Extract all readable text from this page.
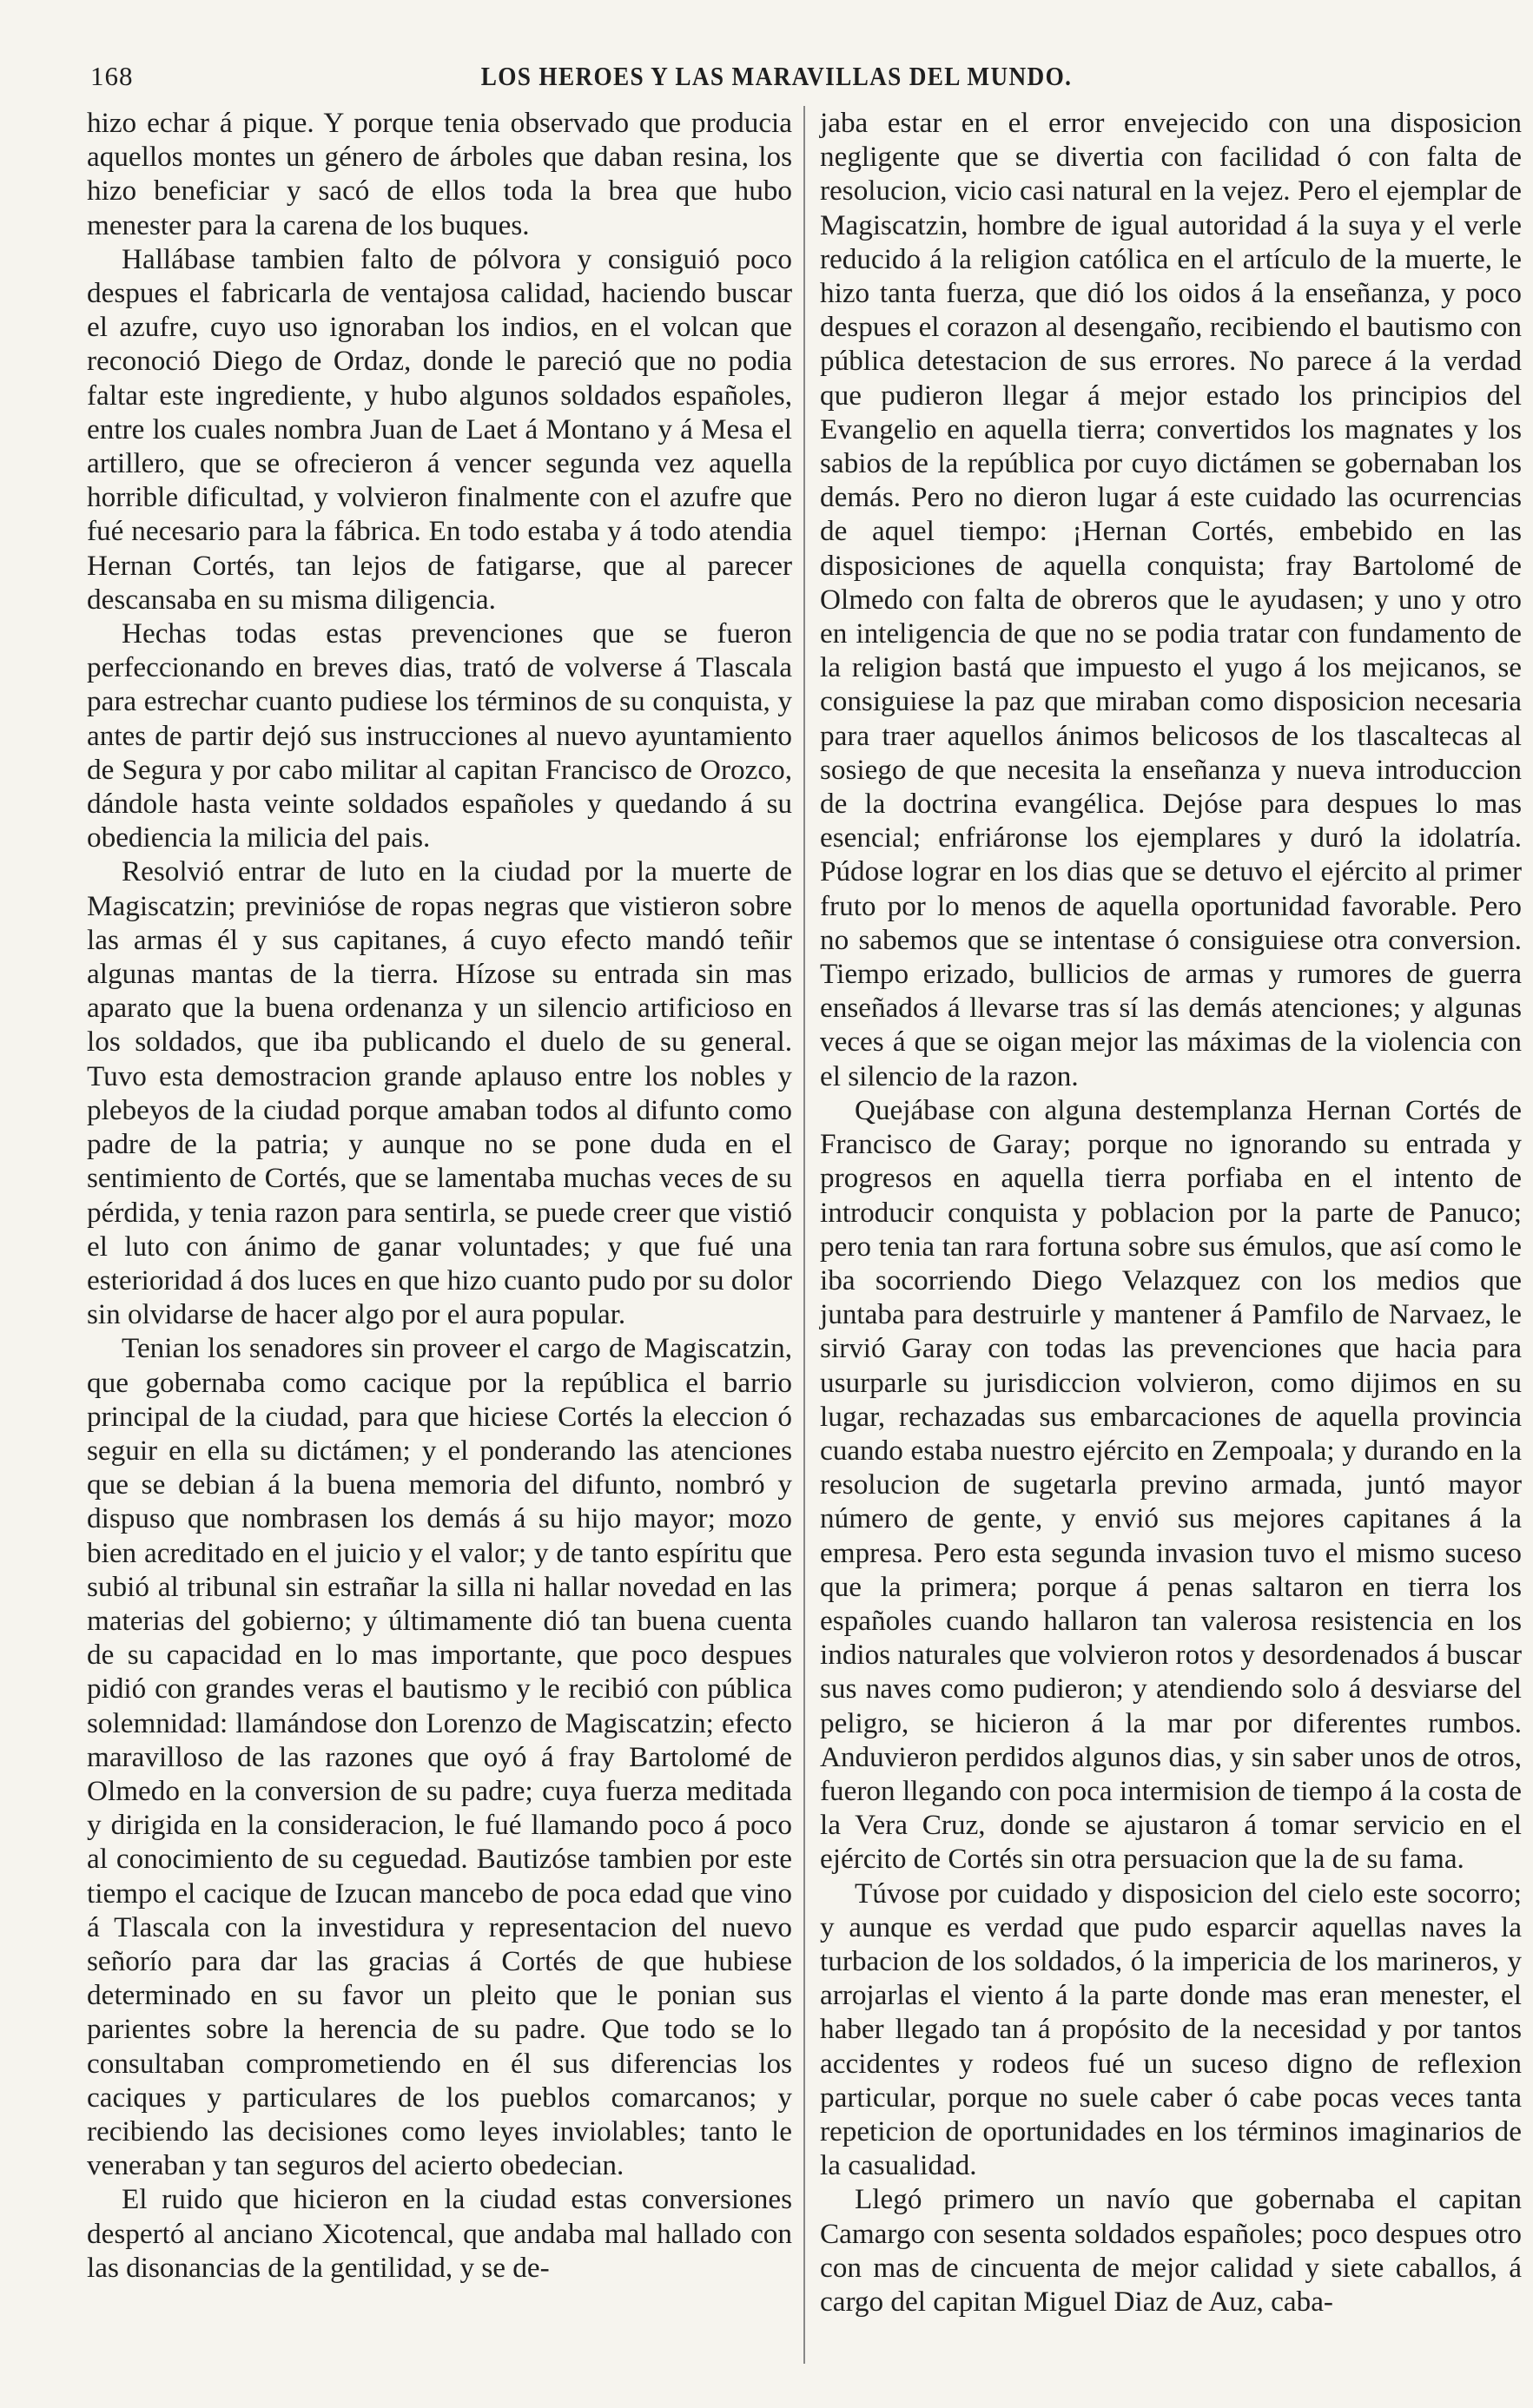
168	LOS HEROES Y LAS MARAVILLAS DEL MUNDO.

hizo echar á pique. Y porque tenia observado que producia aquellos montes un género de árboles que daban resina, los hizo beneficiar y sacó de ellos toda la brea que hubo menester para la carena de los buques.

Hallábase tambien falto de pólvora y consiguió poco despues el fabricarla de ventajosa calidad, haciendo buscar el azufre, cuyo uso ignoraban los indios, en el volcan que reconoció Diego de Ordaz, donde le pareció que no podia faltar este ingrediente, y hubo algunos soldados españoles, entre los cuales nombra Juan de Laet á Montano y á Mesa el artillero, que se ofrecieron á vencer segunda vez aquella horrible dificultad, y volvieron finalmente con el azufre que fué necesario para la fábrica. En todo estaba y á todo atendia Hernan Cortés, tan lejos de fatigarse, que al parecer descansaba en su misma diligencia.

Hechas todas estas prevenciones que se fueron perfeccionando en breves dias, trató de volverse á Tlascala para estrechar cuanto pudiese los términos de su conquista, y antes de partir dejó sus instrucciones al nuevo ayuntamiento de Segura y por cabo militar al capitan Francisco de Orozco, dándole hasta veinte soldados españoles y quedando á su obediencia la milicia del pais.

Resolvió entrar de luto en la ciudad por la muerte de Magiscatzin; previnióse de ropas negras que vistieron sobre las armas él y sus capitanes, á cuyo efecto mandó teñir algunas mantas de la tierra. Hízose su entrada sin mas aparato que la buena ordenanza y un silencio artificioso en los soldados, que iba publicando el duelo de su general. Tuvo esta demostracion grande aplauso entre los nobles y plebeyos de la ciudad porque amaban todos al difunto como padre de la patria; y aunque no se pone duda en el sentimiento de Cortés, que se lamentaba muchas veces de su pérdida, y tenia razon para sentirla, se puede creer que vistió el luto con ánimo de ganar voluntades; y que fué una esterioridad á dos luces en que hizo cuanto pudo por su dolor sin olvidarse de hacer algo por el aura popular.

Tenian los senadores sin proveer el cargo de Magiscatzin, que gobernaba como cacique por la república el barrio principal de la ciudad, para que hiciese Cortés la eleccion ó seguir en ella su dictámen; y el ponderando las atenciones que se debian á la buena memoria del difunto, nombró y dispuso que nombrasen los demás á su hijo mayor; mozo bien acreditado en el juicio y el valor; y de tanto espíritu que subió al tribunal sin estrañar la silla ni hallar novedad en las materias del gobierno; y últimamente dió tan buena cuenta de su capacidad en lo mas importante, que poco despues pidió con grandes veras el bautismo y le recibió con pública solemnidad: llamándose don Lorenzo de Magiscatzin; efecto maravilloso de las razones que oyó á fray Bartolomé de Olmedo en la conversion de su padre; cuya fuerza meditada y dirigida en la consideracion, le fué llamando poco á poco al conocimiento de su ceguedad. Bautizóse tambien por este tiempo el cacique de Izucan mancebo de poca edad que vino á Tlascala con la investidura y representacion del nuevo señorío para dar las gracias á Cortés de que hubiese determinado en su favor un pleito que le ponian sus parientes sobre la herencia de su padre. Que todo se lo consultaban comprometiendo en él sus diferencias los caciques y particulares de los pueblos comarcanos; y recibiendo las decisiones como leyes inviolables; tanto le veneraban y tan seguros del acierto obedecian.

El ruido que hicieron en la ciudad estas conversiones despertó al anciano Xicotencal, que andaba mal hallado con las disonancias de la gentilidad, y se de-

jaba estar en el error envejecido con una disposicion negligente que se divertia con facilidad ó con falta de resolucion, vicio casi natural en la vejez. Pero el ejemplar de Magiscatzin, hombre de igual autoridad á la suya y el verle reducido á la religion católica en el artículo de la muerte, le hizo tanta fuerza, que dió los oidos á la enseñanza, y poco despues el corazon al desengaño, recibiendo el bautismo con pública detestacion de sus errores. No parece á la verdad que pudieron llegar á mejor estado los principios del Evangelio en aquella tierra; convertidos los magnates y los sabios de la república por cuyo dictámen se gobernaban los demás. Pero no dieron lugar á este cuidado las ocurrencias de aquel tiempo: ¡Hernan Cortés, embebido en las disposiciones de aquella conquista; fray Bartolomé de Olmedo con falta de obreros que le ayudasen; y uno y otro en inteligencia de que no se podia tratar con fundamento de la religion bastá que impuesto el yugo á los mejicanos, se consiguiese la paz que miraban como disposicion necesaria para traer aquellos ánimos belicosos de los tlascaltecas al sosiego de que necesita la enseñanza y nueva introduccion de la doctrina evangélica. Dejóse para despues lo mas esencial; enfriáronse los ejemplares y duró la idolatría. Púdose lograr en los dias que se detuvo el ejército al primer fruto por lo menos de aquella oportunidad favorable. Pero no sabemos que se intentase ó consiguiese otra conversion. Tiempo erizado, bullicios de armas y rumores de guerra enseñados á llevarse tras sí las demás atenciones; y algunas veces á que se oigan mejor las máximas de la violencia con el silencio de la razon.

Quejábase con alguna destemplanza Hernan Cortés de Francisco de Garay; porque no ignorando su entrada y progresos en aquella tierra porfiaba en el intento de introducir conquista y poblacion por la parte de Panuco; pero tenia tan rara fortuna sobre sus émulos, que así como le iba socorriendo Diego Velazquez con los medios que juntaba para destruirle y mantener á Pamfilo de Narvaez, le sirvió Garay con todas las prevenciones que hacia para usurparle su jurisdiccion volvieron, como dijimos en su lugar, rechazadas sus embarcaciones de aquella provincia cuando estaba nuestro ejército en Zempoala; y durando en la resolucion de sugetarla previno armada, juntó mayor número de gente, y envió sus mejores capitanes á la empresa. Pero esta segunda invasion tuvo el mismo suceso que la primera; porque á penas saltaron en tierra los españoles cuando hallaron tan valerosa resistencia en los indios naturales que volvieron rotos y desordenados á buscar sus naves como pudieron; y atendiendo solo á desviarse del peligro, se hicieron á la mar por diferentes rumbos. Anduvieron perdidos algunos dias, y sin saber unos de otros, fueron llegando con poca intermision de tiempo á la costa de la Vera Cruz, donde se ajustaron á tomar servicio en el ejército de Cortés sin otra persuacion que la de su fama.

Túvose por cuidado y disposicion del cielo este socorro; y aunque es verdad que pudo esparcir aquellas naves la turbacion de los soldados, ó la impericia de los marineros, y arrojarlas el viento á la parte donde mas eran menester, el haber llegado tan á propósito de la necesidad y por tantos accidentes y rodeos fué un suceso digno de reflexion particular, porque no suele caber ó cabe pocas veces tanta repeticion de oportunidades en los términos imaginarios de la casualidad.

Llegó primero un navío que gobernaba el capitan Camargo con sesenta soldados españoles; poco despues otro con mas de cincuenta de mejor calidad y siete caballos, á cargo del capitan Miguel Diaz de Auz, caba-
